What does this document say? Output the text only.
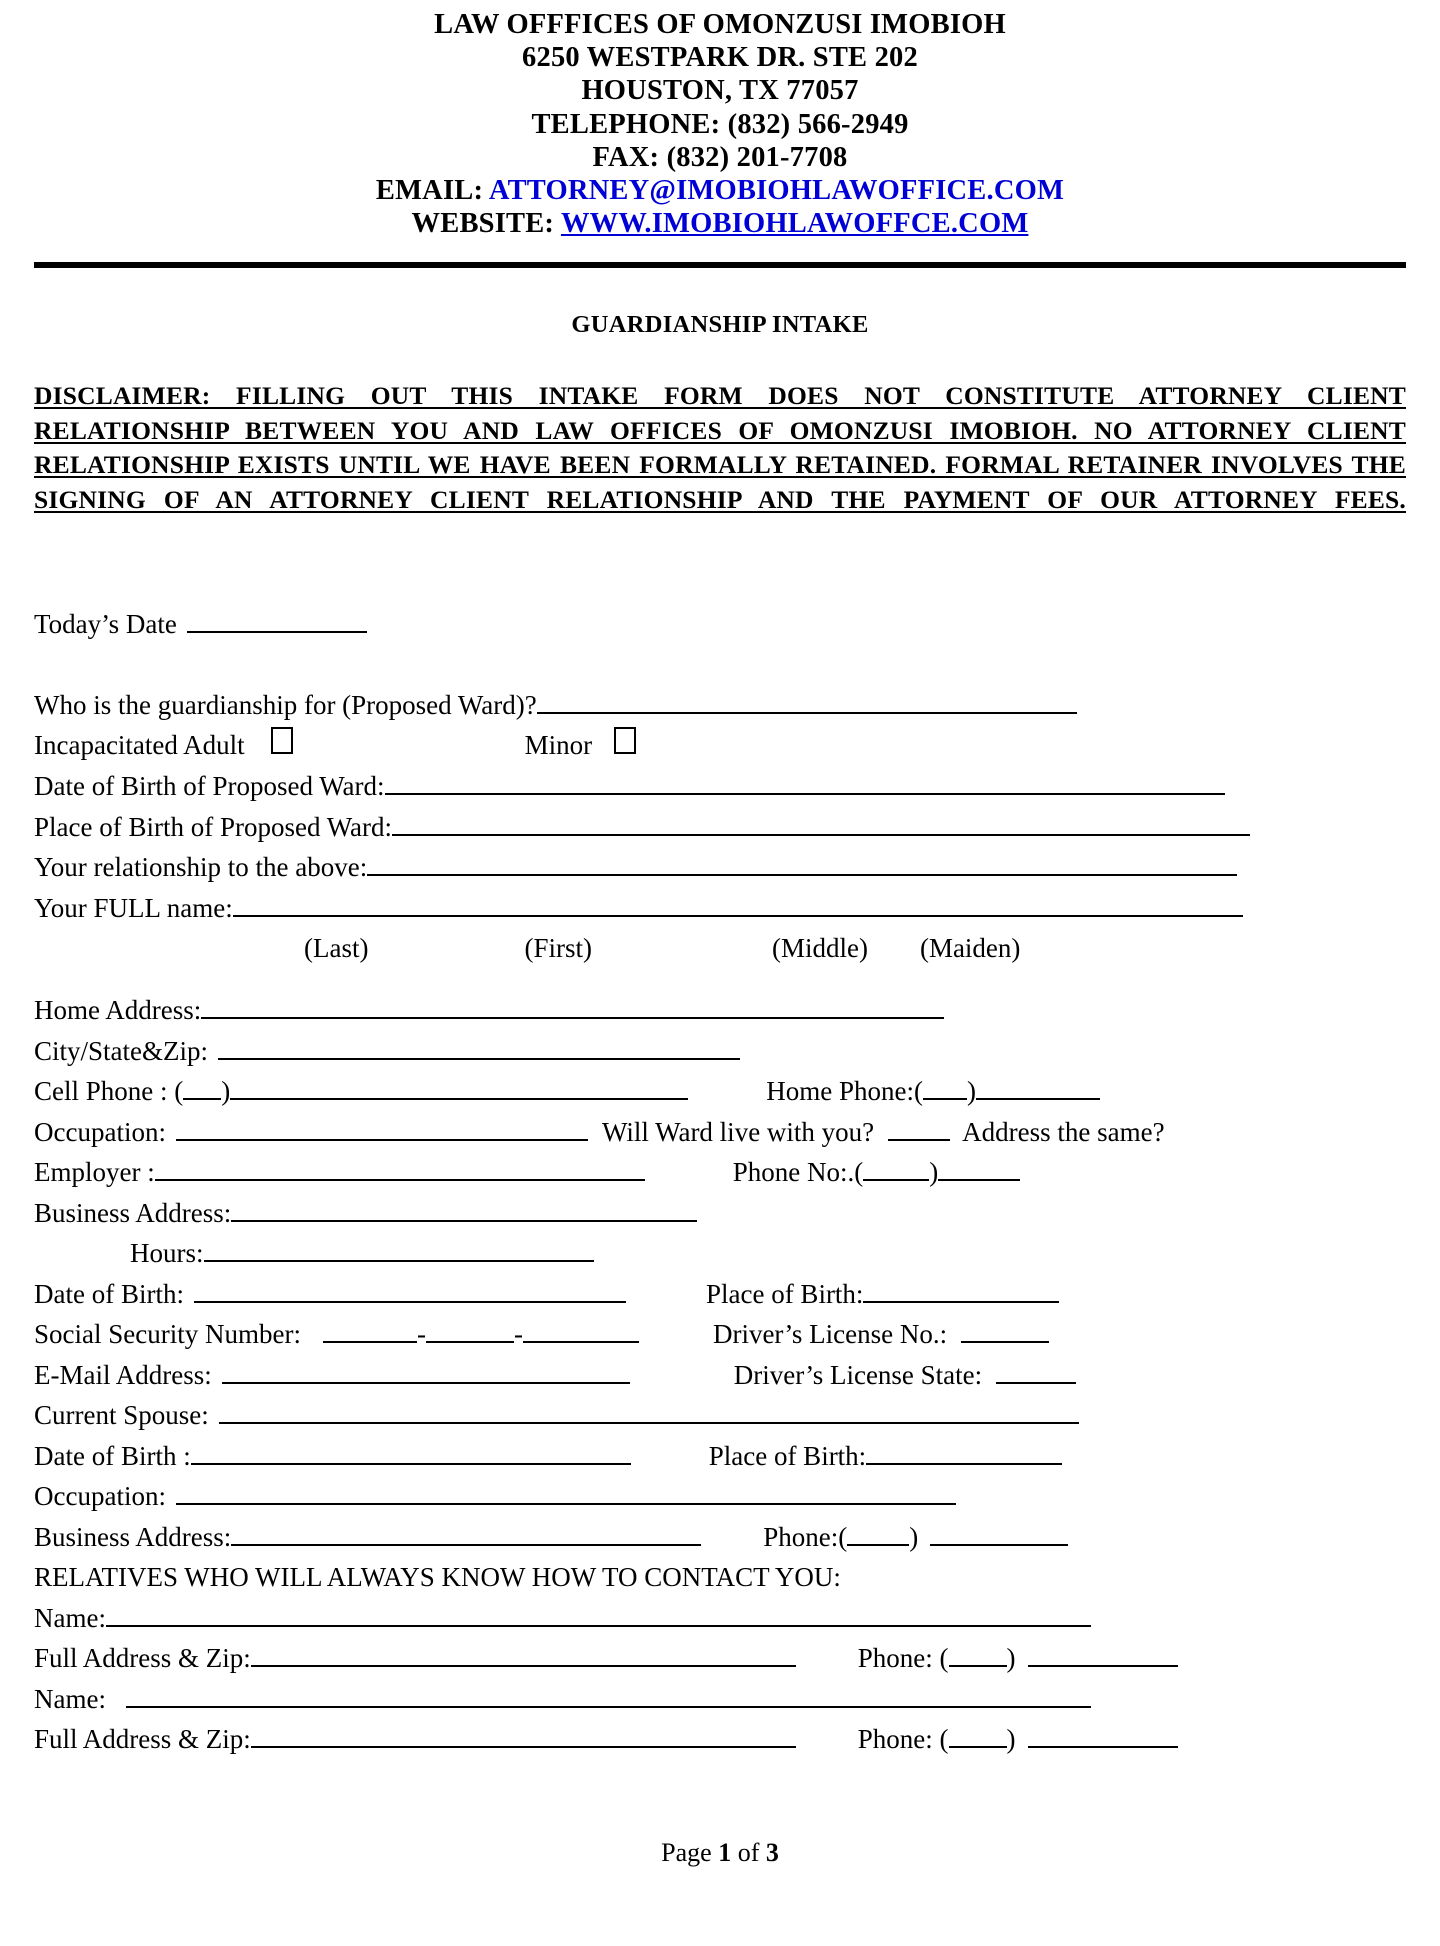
LAW OFFFICES OF OMONZUSI IMOBIOH
6250 WESTPARK DR. STE 202
HOUSTON, TX 77057
TELEPHONE: (832) 566-2949
FAX: (832) 201-7708
EMAIL: ATTORNEY@IMOBIOHLAWOFFICE.COM
WEBSITE: WWW.IMOBIOHLAWOFFCE.COM
GUARDIANSHIP INTAKE
DISCLAIMER: FILLING OUT THIS INTAKE FORM DOES NOT CONSTITUTE ATTORNEY CLIENT RELATIONSHIP BETWEEN YOU AND LAW OFFICES OF OMONZUSI IMOBIOH. NO ATTORNEY CLIENT RELATIONSHIP EXISTS UNTIL WE HAVE BEEN FORMALLY RETAINED. FORMAL RETAINER INVOLVES THE SIGNING OF AN ATTORNEY CLIENT RELATIONSHIP AND THE PAYMENT OF OUR ATTORNEY FEES.
Today’s Date
Who is the guardianship for (Proposed Ward)?
Incapacitated Adult	Minor
Date of Birth of Proposed Ward:
Place of Birth of Proposed Ward:
Your relationship to the above:
Your FULL name:
(Last)	(First)	(Middle) (Maiden)
Home Address:
City/State&Zip:
Cell Phone : ( )	Home Phone:( )
Occupation:	Will Ward live with you?	Address the same?
Employer :	Phone No:.( )
Business Address:
Hours:
Date of Birth:	Place of Birth:
Social Security Number:	-	-	Driver’s License No.:
E-Mail Address:	Driver’s License State:
Current Spouse:
Date of Birth :	Place of Birth:
Occupation:
Business Address:	Phone:( )
RELATIVES WHO WILL ALWAYS KNOW HOW TO CONTACT YOU:
Name:
Full Address & Zip:	Phone: ( )
Name:
Full Address & Zip:	Phone: ( )
Page 1 of 3
